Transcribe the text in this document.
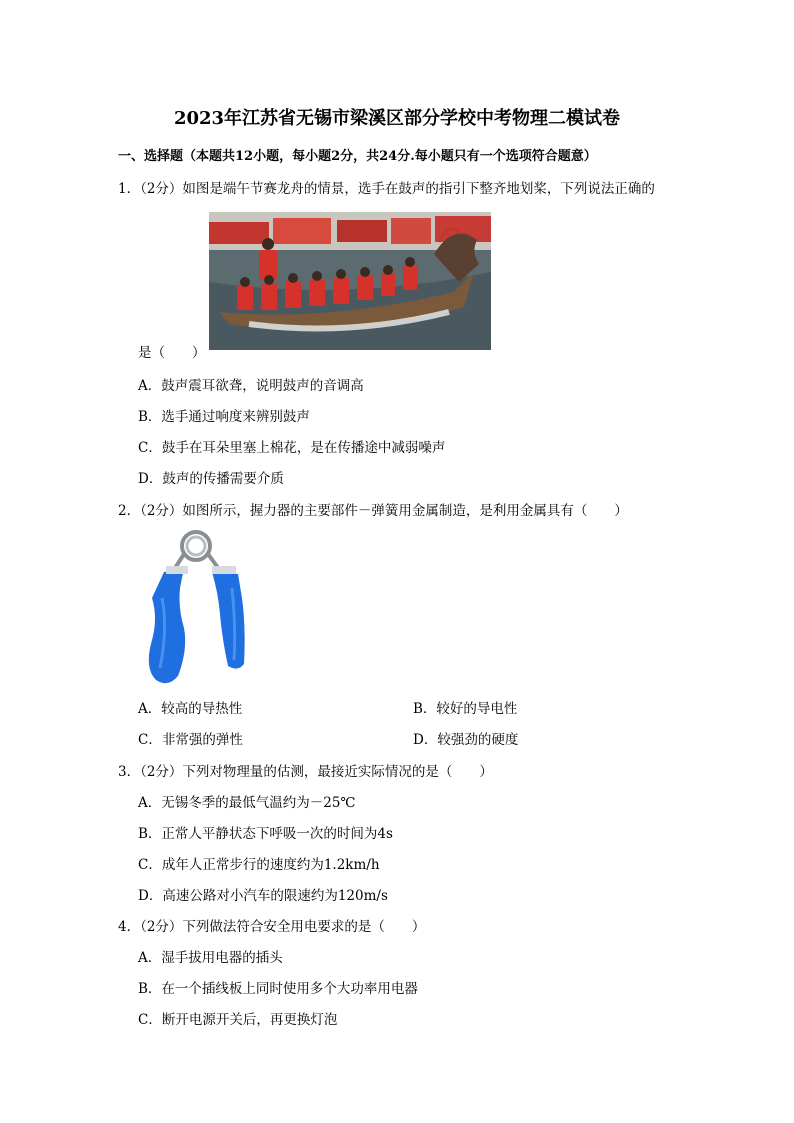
2023年江苏省无锡市梁溪区部分学校中考物理二模试卷
一、选择题（本题共12小题，每小题2分，共24分.每小题只有一个选项符合题意）
1．（2分）如图是端午节赛龙舟的情景，选手在鼓声的指引下整齐地划桨，下列说法正确的
是（　　）
A．鼓声震耳欲聋，说明鼓声的音调高
B．选手通过响度来辨别鼓声
C．鼓手在耳朵里塞上棉花，是在传播途中减弱噪声
D．鼓声的传播需要介质
2．（2分）如图所示，握力器的主要部件－弹簧用金属制造，是利用金属具有（　　）
A．较高的导热性	B．较好的导电性
C．非常强的弹性	D．较强劲的硬度
3．（2分）下列对物理量的估测，最接近实际情况的是（　　）
A．无锡冬季的最低气温约为－25℃
B．正常人平静状态下呼吸一次的时间为4s
C．成年人正常步行的速度约为1.2km/h
D．高速公路对小汽车的限速约为120m/s
4．（2分）下列做法符合安全用电要求的是（　　）
A．湿手拔用电器的插头
B．在一个插线板上同时使用多个大功率用电器
C．断开电源开关后，再更换灯泡
